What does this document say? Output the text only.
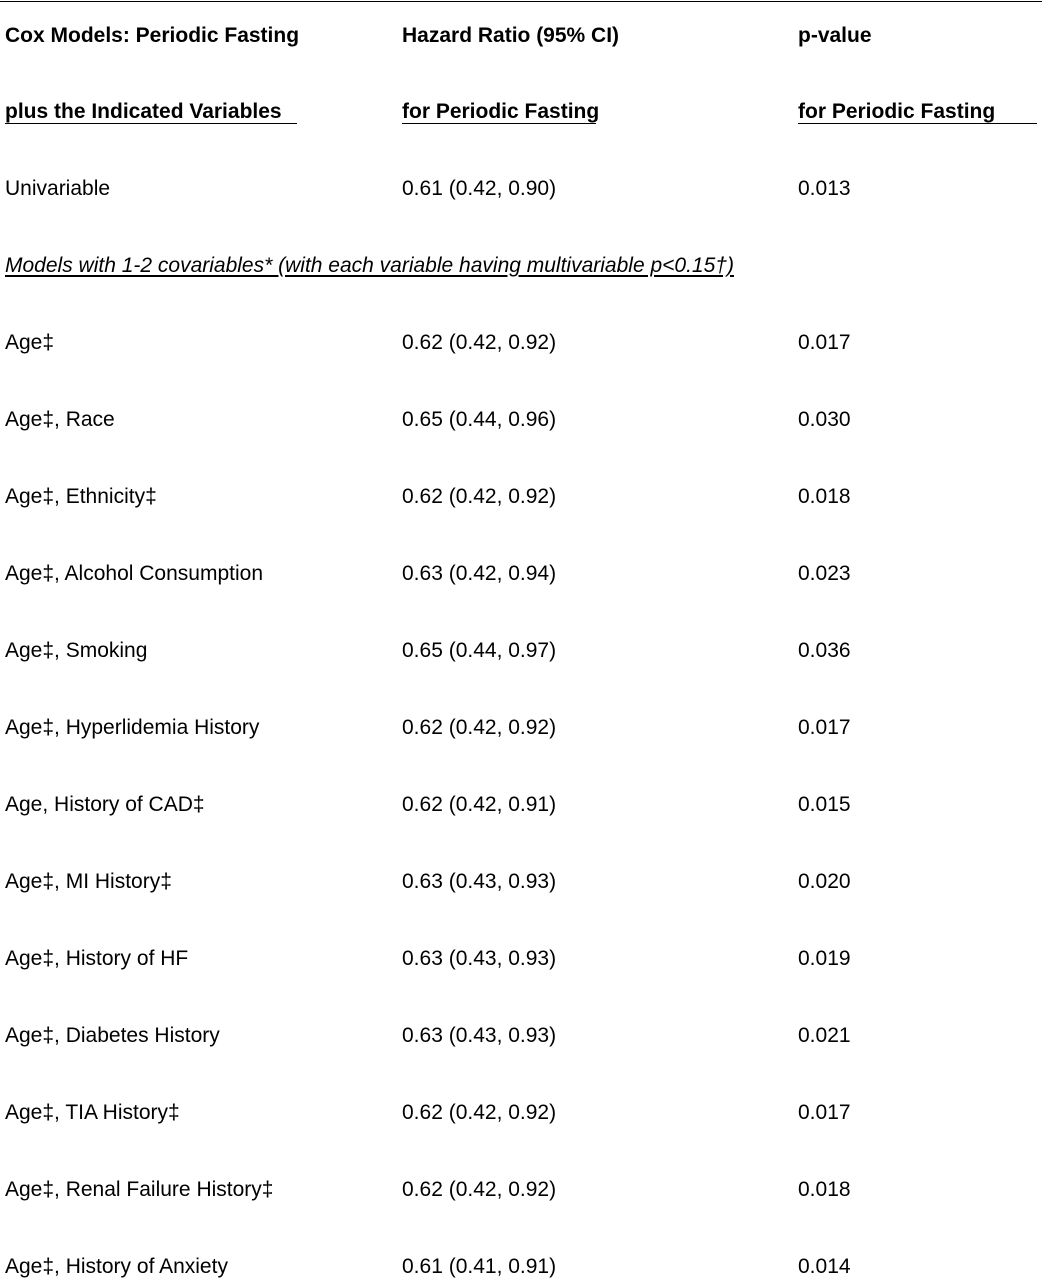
Cox Models: Periodic Fasting	Hazard Ratio (95% CI)	p-value
plus the Indicated Variables	for Periodic Fasting	for Periodic Fasting
Univariable	0.61 (0.42, 0.90)	0.013
Models with 1-2 covariables* (with each variable having multivariable p<0.15†)
Age‡	0.62 (0.42, 0.92)	0.017
Age‡, Race	0.65 (0.44, 0.96)	0.030
Age‡, Ethnicity‡	0.62 (0.42, 0.92)	0.018
Age‡, Alcohol Consumption	0.63 (0.42, 0.94)	0.023
Age‡, Smoking	0.65 (0.44, 0.97)	0.036
Age‡, Hyperlidemia History	0.62 (0.42, 0.92)	0.017
Age, History of CAD‡	0.62 (0.42, 0.91)	0.015
Age‡, MI History‡	0.63 (0.43, 0.93)	0.020
Age‡, History of HF	0.63 (0.43, 0.93)	0.019
Age‡, Diabetes History	0.63 (0.43, 0.93)	0.021
Age‡, TIA History‡	0.62 (0.42, 0.92)	0.017
Age‡, Renal Failure History‡	0.62 (0.42, 0.92)	0.018
Age‡, History of Anxiety	0.61 (0.41, 0.91)	0.014
